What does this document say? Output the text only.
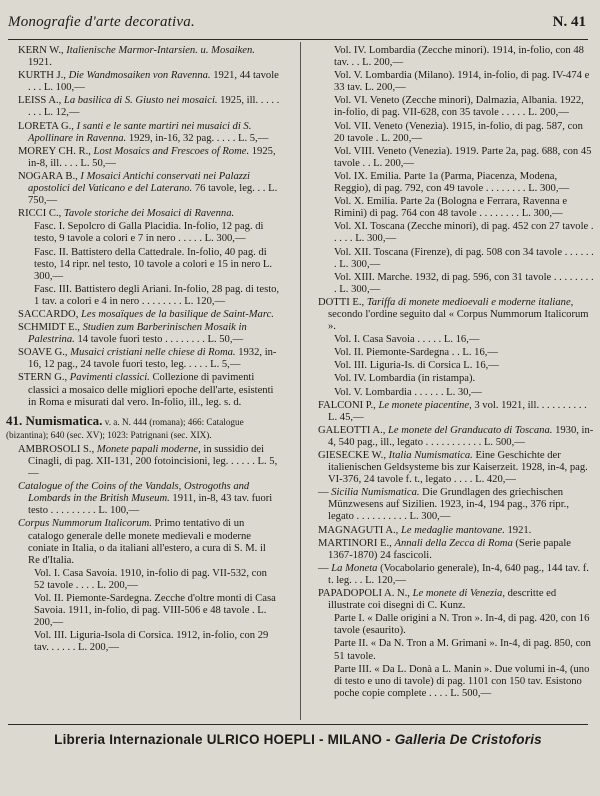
Monografie d'arte decorativa.	N. 41
KERN W., Italienische Marmor-Intarsien. u. Mosaiken. 1921.
KURTH J., Die Wandmosaiken von Ravenna. 1921, 44 tavole . . . L. 100,—
LEISS A., La basilica di S. Giusto nei mosaici. 1925, ill. . . . . . . . L. 12,—
LORETA G., I santi e le sante martiri nei musaici di S. Apollinare in Ravenna. 1929, in-16, 32 pag. . . . . L. 5,—
MOREY CH. R., Lost Mosaics and Frescoes of Rome. 1925, in-8, ill. . . . L. 50,—
NOGARA B., I Mosaici Antichi conservati nei Palazzi apostolici del Vaticano e del Laterano. 76 tavole, leg. . . L. 750,—
RICCI C., Tavole storiche dei Mosaici di Ravenna.
Fasc. I. Sepolcro di Galla Placidia. In-folio, 12 pag. di testo, 9 tavole a colori e 7 in nero . . . . . L. 300,—
Fasc. II. Battistero della Cattedrale. In-folio, 40 pag. di testo, 14 ripr. nel testo, 10 tavole a colori e 15 in nero L. 300,—
Fasc. III. Battistero degli Ariani. In-folio, 28 pag. di testo, 1 tav. a colori e 4 in nero . . . . . . . . L. 120,—
SACCARDO, Les mosaïques de la basilique de Saint-Marc.
SCHMIDT E., Studien zum Barberinischen Mosaik in Palestrina. 14 tavole fuori testo . . . . . . . . L. 50,—
SOAVE G., Musaici cristiani nelle chiese di Roma. 1932, in-16, 12 pag., 24 tavole fuori testo, leg. . . . . L. 5,—
STERN G., Pavimenti classici. Collezione di pavimenti classici a mosaico delle migliori epoche dell'arte, esistenti in Roma e misurati dal vero. In-folio, ill., leg. s. d.
41. Numismatica. v. a. N. 444 (romana); 466: Catalogue (bizantina); 640 (sec. XV); 1023: Patrignani (sec. XIX).
AMBROSOLI S., Monete papali moderne, in sussidio dei Cinagli, di pag. XII-131, 200 fotoincisioni, leg. . . . . . L. 5,—
Catalogue of the Coins of the Vandals, Ostrogoths and Lombards in the British Museum. 1911, in-8, 43 tav. fuori testo . . . . . . . . . L. 100,—
Corpus Nummorum Italicorum. Primo tentativo di un catalogo generale delle monete medievali e moderne coniate in Italia, o da italiani all'estero, a cura di S. M. il Re d'Italia.
Vol. I. Casa Savoia. 1910, in-folio di pag. VII-532, con 52 tavole . . . . L. 200,—
Vol. II. Piemonte-Sardegna. Zecche d'oltre monti di Casa Savoia. 1911, in-folio, di pag. VIII-506 e 48 tavole . L. 200,—
Vol. III. Liguria-Isola di Corsica. 1912, in-folio, con 29 tav. . . . . . L. 200,—
Vol. IV. Lombardia (Zecche minori). 1914, in-folio, con 48 tav. . . L. 200,—
Vol. V. Lombardia (Milano). 1914, in-folio, di pag. IV-474 e 33 tav. L. 200,—
Vol. VI. Veneto (Zecche minori), Dalmazia, Albania. 1922, in-folio, di pag. VII-628, con 35 tavole . . . . . L. 200,—
Vol. VII. Veneto (Venezia). 1915, in-folio, di pag. 587, con 20 tavole . L. 200,—
Vol. VIII. Veneto (Venezia). 1919. Parte 2a, pag. 688, con 45 tavole . . L. 200,—
Vol. IX. Emilia. Parte 1a (Parma, Piacenza, Modena, Reggio), di pag. 792, con 49 tavole . . . . . . . . L. 300,—
Vol. X. Emilia. Parte 2a (Bologna e Ferrara, Ravenna e Rimini) di pag. 764 con 48 tavole . . . . . . . . L. 300,—
Vol. XI. Toscana (Zecche minori), di pag. 452 con 27 tavole . . . . . L. 300,—
Vol. XII. Toscana (Firenze), di pag. 508 con 34 tavole . . . . . . . L. 300,—
Vol. XIII. Marche. 1932, di pag. 596, con 31 tavole . . . . . . . . . L. 300,—
DOTTI E., Tariffa di monete medioevali e moderne italiane, secondo l'ordine seguito dal « Corpus Nummorum Italicorum ».
Vol. I. Casa Savoia . . . . . L. 16,—
Vol. II. Piemonte-Sardegna . . L. 16,—
Vol. III. Liguria-Is. di Corsica L. 16,—
Vol. IV. Lombardia (in ristampa).
Vol. V. Lombardia . . . . . . L. 30,—
FALCONI P., Le monete piacentine, 3 vol. 1921, ill. . . . . . . . . . L. 45,—
GALEOTTI A., Le monete del Granducato di Toscana. 1930, in-4, 540 pag., ill., legato . . . . . . . . . . . L. 500,—
GIESECKE W., Italia Numismatica. Eine Geschichte der italienischen Geldsysteme bis zur Kaiserzeit. 1928, in-4, pag. VI-376, 24 tavole f. t., legato . . . . L. 420,—
— Sicilia Numismatica. Die Grundlagen des griechischen Münzwesens auf Sizilien. 1923, in-4, 194 pag., 376 ripr., legato . . . . . . . . . . L. 300,—
MAGNAGUTI A., Le medaglie mantovane. 1921.
MARTINORI E., Annali della Zecca di Roma (Serie papale 1367-1870) 24 fascicoli.
— La Moneta (Vocabolario generale), In-4, 640 pag., 144 tav. f. t. leg. . . L. 120,—
PAPADOPOLI A. N., Le monete di Venezia, descritte ed illustrate coi disegni di C. Kunz.
Parte I. « Dalle origini a N. Tron ». In-4, di pag. 420, con 16 tavole (esaurito).
Parte II. « Da N. Tron a M. Grimani ». In-4, di pag. 850, con 51 tavole.
Parte III. « Da L. Donà a L. Manin ». Due volumi in-4, (uno di testo e uno di tavole) di pag. 1101 con 150 tav. Esistono poche copie complete . . . . L. 500,—
Libreria Internazionale ULRICO HOEPLI - MILANO - Galleria De Cristoforis
